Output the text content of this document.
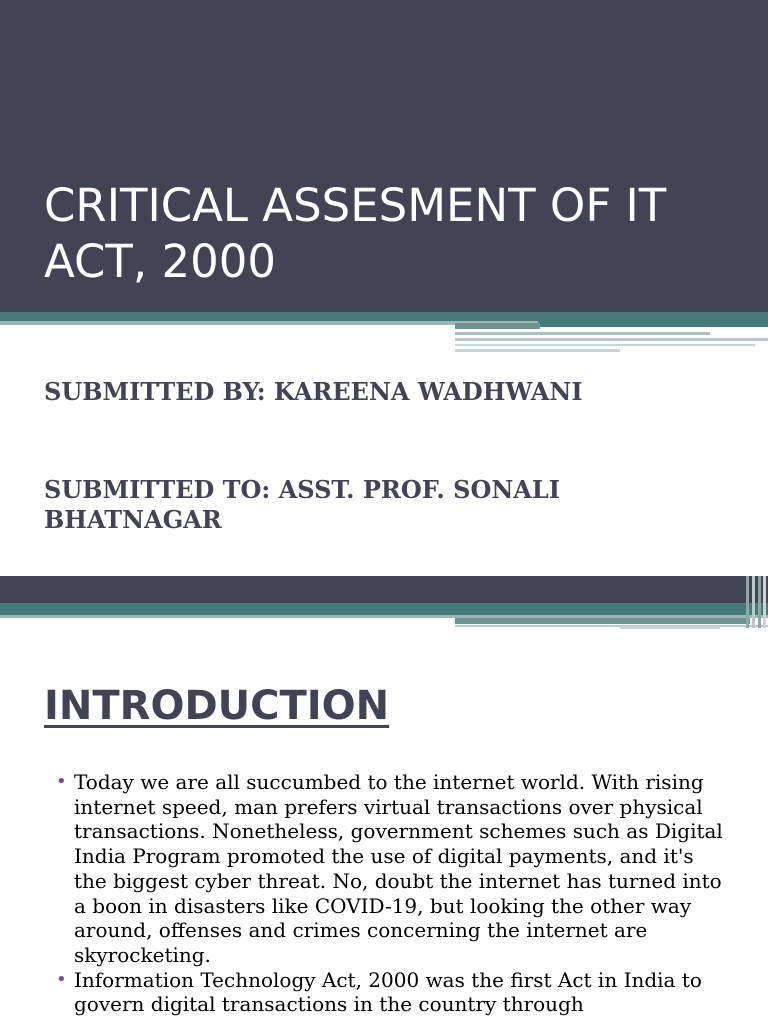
CRITICAL ASSESMENT OF IT ACT, 2000

SUBMITTED BY: KAREENA WADHWANI

SUBMITTED TO: ASST. PROF. SONALI BHATNAGAR

INTRODUCTION
• Today we are all succumbed to the internet world. With rising internet speed, man prefers virtual transactions over physical transactions. Nonetheless, government schemes such as Digital India Program promoted the use of digital payments, and it's the biggest cyber threat. No, doubt the internet has turned into a boon in disasters like COVID-19, but looking the other way around, offenses and crimes concerning the internet are skyrocketing.
• Information Technology Act, 2000 was the first Act in India to govern digital transactions in the country through
